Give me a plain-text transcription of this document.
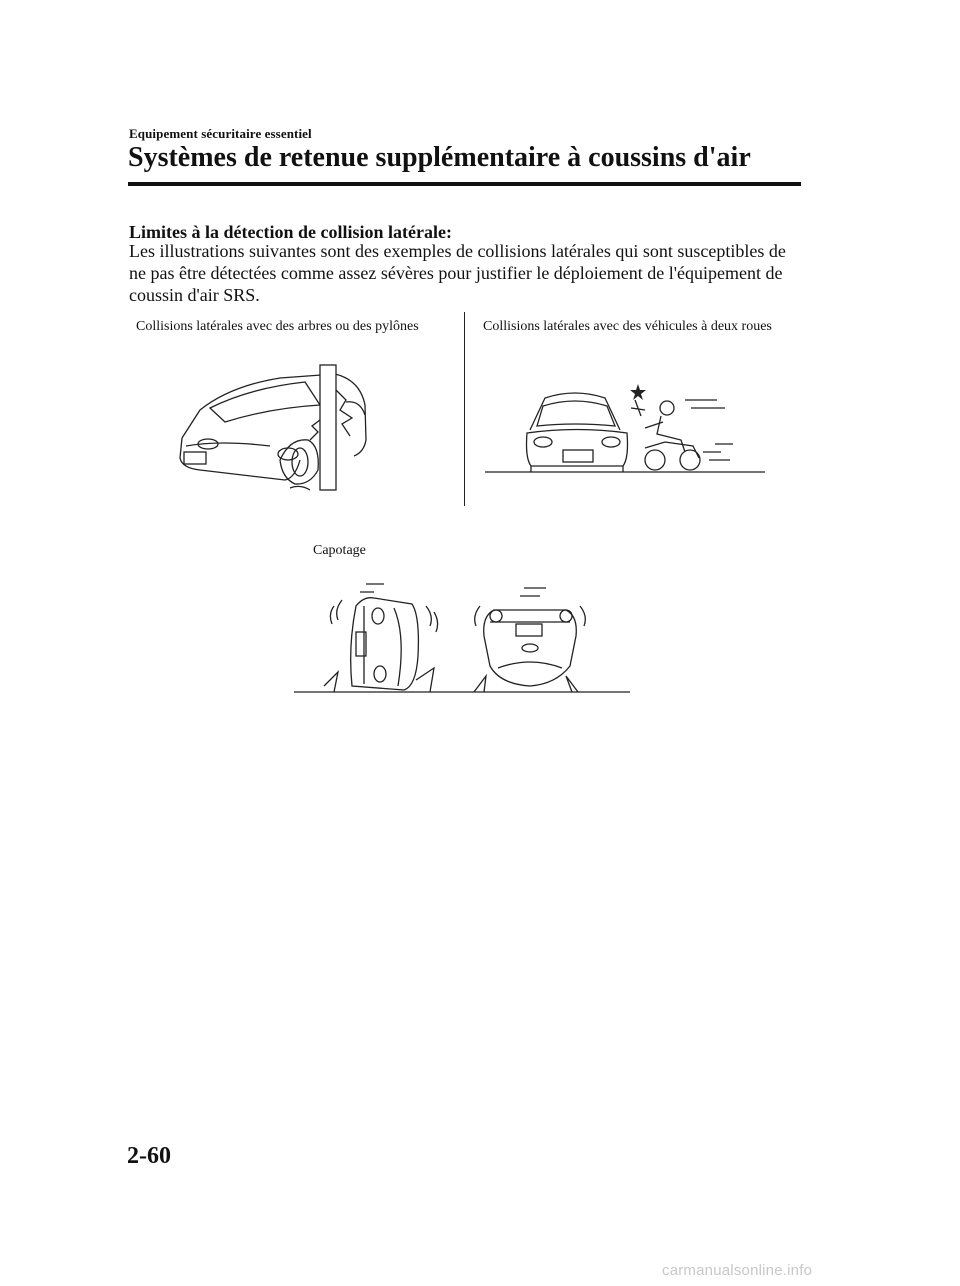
Equipement sécuritaire essentiel
Systèmes de retenue supplémentaire à coussins d'air
Limites à la détection de collision latérale:
Les illustrations suivantes sont des exemples de collisions latérales qui sont susceptibles de ne pas être détectées comme assez sévères pour justifier le déploiement de l'équipement de coussin d'air SRS.
Collisions latérales avec des arbres ou des pylônes	Collisions latérales avec des véhicules à deux roues
Capotage
2-60
carmanualsonline.info
